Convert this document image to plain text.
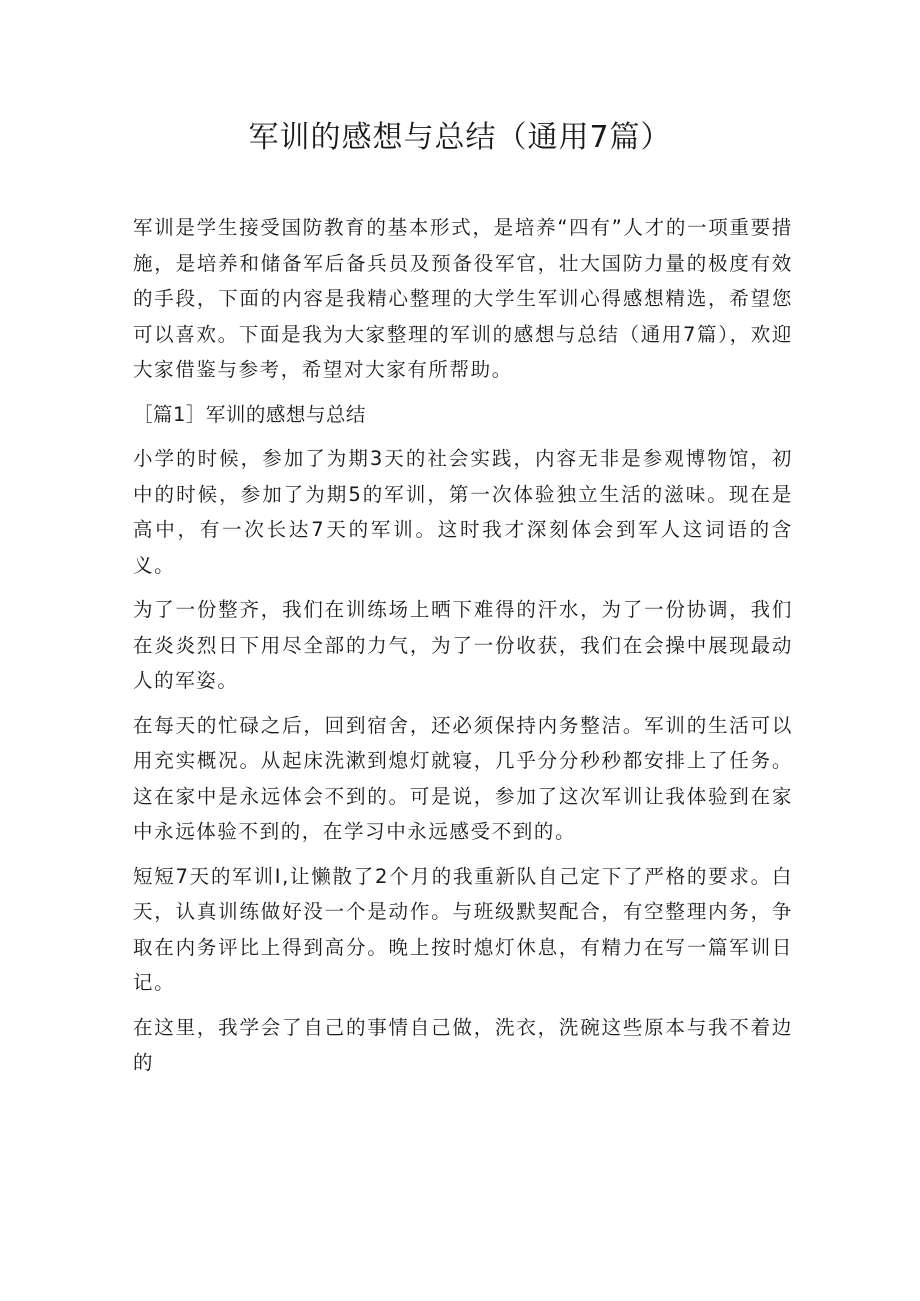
军训的感想与总结（通用7篇）

军训是学生接受国防教育的基本形式，是培养“四有”人才的一项重要措施，是培养和储备军后备兵员及预备役军官，壮大国防力量的极度有效的手段，下面的内容是我精心整理的大学生军训心得感想精选，希望您可以喜欢。下面是我为大家整理的军训的感想与总结（通用7篇），欢迎大家借鉴与参考，希望对大家有所帮助。

［篇1］军训的感想与总结

小学的时候，参加了为期3天的社会实践，内容无非是参观博物馆，初中的时候，参加了为期5的军训，第一次体验独立生活的滋味。现在是高中，有一次长达7天的军训。这时我才深刻体会到军人这词语的含义。

为了一份整齐，我们在训练场上晒下难得的汗水，为了一份协调，我们在炎炎烈日下用尽全部的力气，为了一份收获，我们在会操中展现最动人的军姿。

在每天的忙碌之后，回到宿舍，还必须保持内务整洁。军训的生活可以用充实概况。从起床洗漱到熄灯就寝，几乎分分秒秒都安排上了任务。这在家中是永远体会不到的。可是说，参加了这次军训让我体验到在家中永远体验不到的，在学习中永远感受不到的。

短短7天的军训I,让懒散了2个月的我重新队自己定下了严格的要求。白天，认真训练做好没一个是动作。与班级默契配合，有空整理内务，争取在内务评比上得到高分。晚上按时熄灯休息，有精力在写一篇军训日记。

在这里，我学会了自己的事情自己做，洗衣，洗碗这些原本与我不着边的
